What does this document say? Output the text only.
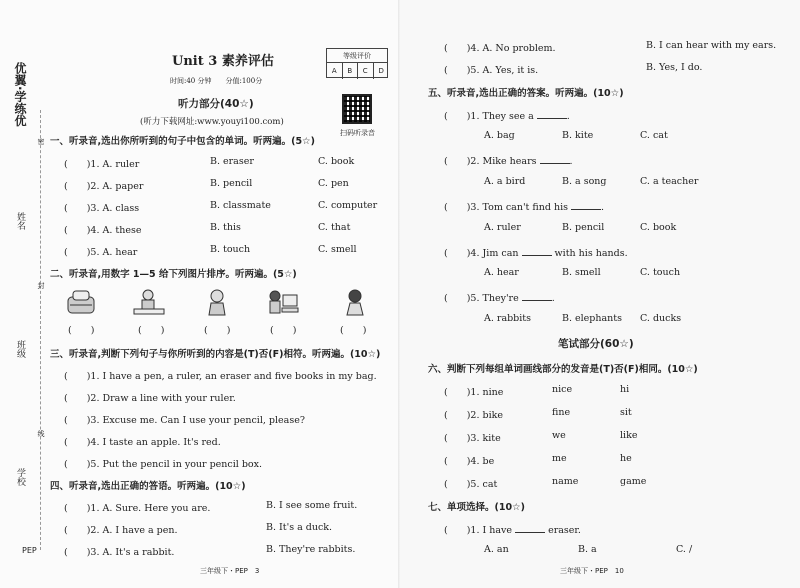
优翼·学练优
姓名
班级
学校
密
封
线
PEP
Unit 3 素养评估
时间:40 分钟　　分值:100分
等级评价
A	B	C	D
扫码听录音
听力部分(40☆)
(听力下载网址:www.youyi100.com)
一、听录音,选出你所听到的句子中包含的单词。听两遍。(5☆)
(　　)1. A. ruler	B. eraser	C. book
(　　)2. A. paper	B. pencil	C. pen
(　　)3. A. class	B. classmate	C. computer
(　　)4. A. these	B. this	C. that
(　　)5. A. hear	B. touch	C. smell
二、听录音,用数字 1—5 给下列图片排序。听两遍。(5☆)
(　　)	(　　)	(　　)	(　　)	(　　)
三、听录音,判断下列句子与你所听到的内容是(T)否(F)相符。听两遍。(10☆)
(　　)1. I have a pen, a ruler, an eraser and five books in my bag.
(　　)2. Draw a line with your ruler.
(　　)3. Excuse me. Can I use your pencil, please?
(　　)4. I taste an apple. It's red.
(　　)5. Put the pencil in your pencil box.
四、听录音,选出正确的答语。听两遍。(10☆)
(　　)1. A. Sure. Here you are.	B. I see some fruit.
(　　)2. A. I have a pen.	B. It's a duck.
(　　)3. A. It's a rabbit.	B. They're rabbits.
三年级下・PEP　3
(　　)4. A. No problem.	B. I can hear with my ears.
(　　)5. A. Yes, it is.	B. Yes, I do.
五、听录音,选出正确的答案。听两遍。(10☆)
(　　)1. They see a	.
A. bag	B. kite	C. cat
(　　)2. Mike hears	.
A. a bird	B. a song	C. a teacher
(　　)3. Tom can't find his	.
A. ruler	B. pencil	C. book
(　　)4. Jim can	with his hands.
A. hear	B. smell	C. touch
(　　)5. They're	.
A. rabbits	B. elephants C. ducks
笔试部分(60☆)
六、判断下列每组单词画线部分的发音是(T)否(F)相同。(10☆)
(　　)1. nine	nice	hi
(　　)2. bike	fine	sit
(　　)3. kite	we	like
(　　)4. be	me	he
(　　)5. cat	name	game
七、单项选择。(10☆)
(　　)1. I have	eraser.
A. an	B. a	C. /
三年级下・PEP　10
